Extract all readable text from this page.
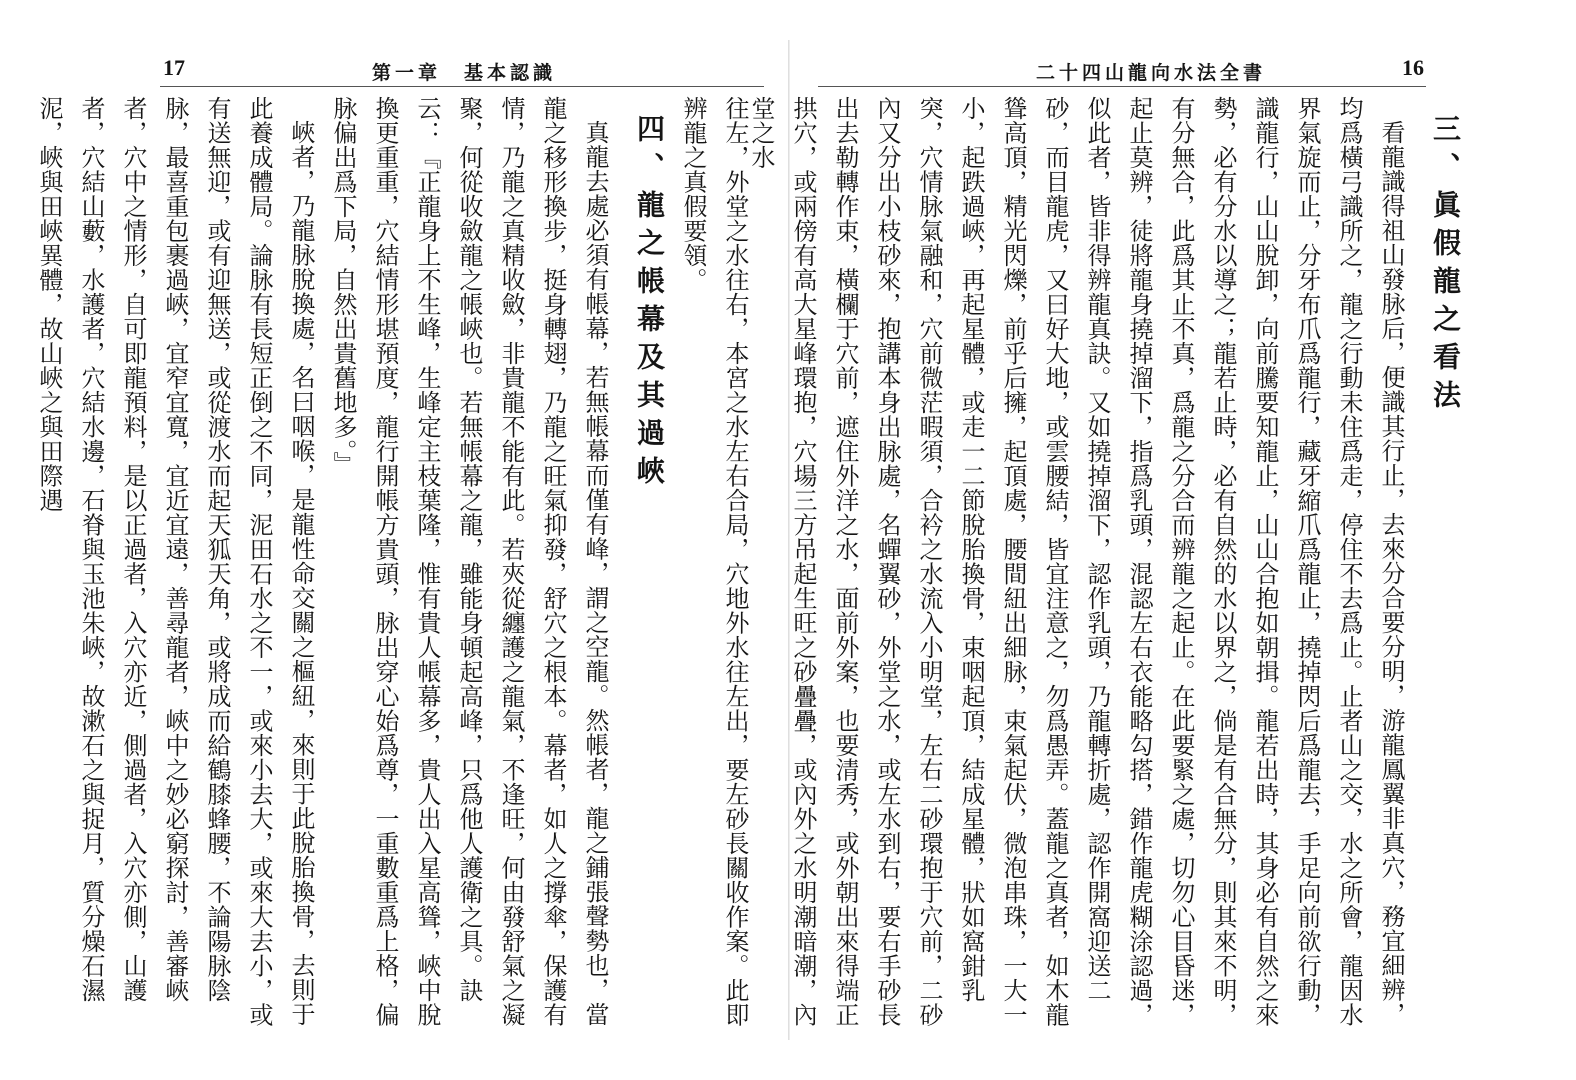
17	第一章　基本認識

往左，外堂之水往右，本宮之水左右合局，穴地外水往左出，要左砂長關收作案。此即辨龍之真假要領。

四、龍之帳幕及其過峽

真龍去處必須有帳幕，若無帳幕而僅有峰，謂之空龍。然帳者，龍之鋪張聲勢也，當龍之移形換步，挺身轉翅，乃龍之旺氣抑發，舒穴之根本。幕者，如人之撐傘，保護有情，乃龍之真精收斂，非貴龍不能有此。若夾從纏護之龍氣，不逢旺，何由發舒氣之凝聚，何從收斂龍之帳峽也。若無帳幕之龍，雖能身頓起高峰，只爲他人護衛之具。訣云：『正龍身上不生峰，生峰定主枝葉隆，惟有貴人帳幕多，貴人出入星高聳，峽中脫換更重重，穴結情形堪預度，龍行開帳方貴頭，脉出穿心始爲尊，一重數重爲上格，偏脉偏出爲下局，自然出貴舊地多。』

峽者，乃龍脉脫換處，名曰咽喉，是龍性命交關之樞紐，來則于此脫胎換骨，去則于此養成體局。論脉有長短正倒之不同，泥田石水之不一，或來小去大，或來大去小，或有送無迎，或有迎無送，或從渡水而起天狐天角，或將成而給鶴膝蜂腰，不論陽脉陰脉，最喜重包裹過峽，宜窄宜寬，宜近宜遠，善尋龍者，峽中之妙必窮探討，善審峽者，穴中之情形，自可即龍預料，是以正過者，入穴亦近，側過者，入穴亦側，山護者，穴結山藪，水護者，穴結水邊，石脊與玉池朱峽，故漱石之與捉月，質分燥石濕泥，峽與田峽異體，故山峽之與田際遇

16
二十四山龍向水法全書
三、眞假龍之看法

看龍識得祖山發脉后，便識其行止，去來分合要分明，游龍鳳翼非真穴，務宜細辨，均爲橫弓識所之，龍之行動未住爲走，停住不去爲止。止者山之交，水之所會，龍因水界氣旋而止，分牙布爪爲龍行，藏牙縮爪爲龍止，撓掉閃后爲龍去，手足向前欲行動，識龍行，山山脫卸，向前騰要知龍止，山山合抱如朝揖。龍若出時，其身必有自然之來勢，必有分水以導之；龍若止時，必有自然的水以界之，倘是有合無分，則其來不明，有分無合，此爲其止不真，爲龍之分合而辨龍之起止。在此要緊之處，切勿心目昏迷，起止莫辨，徒將龍身撓掉溜下，指爲乳頭，混認左右衣能略勾搭，錯作龍虎糊涂認過，似此者，皆非得辨龍真訣。又如撓掉溜下，認作乳頭，乃龍轉折處，認作開窩迎送二砂，而目龍虎，又曰好大地，或雲腰結，皆宜注意之，勿爲愚弄。蓋龍之真者，如木龍聳高頂，精光閃爍，前乎后擁，起頂處，腰間紐出細脉，束氣起伏，微泡串珠，一大一小，起跌過峽，再起星體，或走一二節脫胎換骨，束咽起頂，結成星體，狀如窩鉗乳突，穴情脉氣融和，穴前微茫暇須，合衿之水流入小明堂，左右二砂環抱于穴前，二砂內又分出小枝砂來，抱講本身出脉處，名蟬翼砂，外堂之水，或左水到右，要右手砂長出去勒轉作束，橫欄于穴前，遮住外洋之水，面前外案，也要清秀，或外朝出來得端正拱穴，或兩傍有高大星峰環抱，穴場三方吊起生旺之砂疊疊，或內外之水明潮暗潮，內堂之水
